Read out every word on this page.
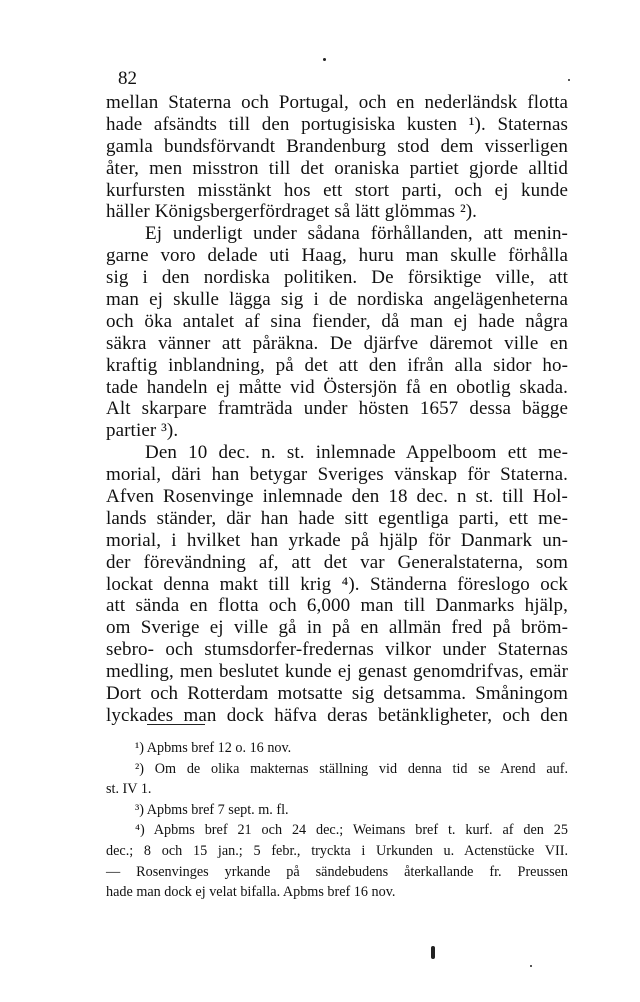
82
mellan Staterna och Portugal, och en nederländsk flotta
hade afsändts till den portugisiska kusten ¹). Staternas
gamla bundsförvandt Brandenburg stod dem visserligen
åter, men misstron till det oraniska partiet gjorde alltid
kurfursten misstänkt hos ett stort parti, och ej kunde
häller Königsbergerfördraget så lätt glömmas ²).
Ej underligt under sådana förhållanden, att menin-
garne voro delade uti Haag, huru man skulle förhålla
sig i den nordiska politiken. De försiktige ville, att
man ej skulle lägga sig i de nordiska angelägenheterna
och öka antalet af sina fiender, då man ej hade några
säkra vänner att påräkna. De djärfve däremot ville en
kraftig inblandning, på det att den ifrån alla sidor ho-
tade handeln ej måtte vid Östersjön få en obotlig skada.
Alt skarpare framträda under hösten 1657 dessa bägge
partier ³).
Den 10 dec. n. st. inlemnade Appelboom ett me-
morial, däri han betygar Sveriges vänskap för Staterna.
Afven Rosenvinge inlemnade den 18 dec. n st. till Hol-
lands ständer, där han hade sitt egentliga parti, ett me-
morial, i hvilket han yrkade på hjälp för Danmark un-
der förevändning af, att det var Generalstaterna, som
lockat denna makt till krig ⁴). Ständerna föreslogo ock
att sända en flotta och 6,000 man till Danmarks hjälp,
om Sverige ej ville gå in på en allmän fred på bröm-
sebro- och stumsdorfer-fredernas vilkor under Staternas
medling, men beslutet kunde ej genast genomdrifvas, emär
Dort och Rotterdam motsatte sig detsamma. Småningom
lyckades man dock häfva deras betänkligheter, och den
¹) Apbms bref 12 o. 16 nov.
²) Om de olika makternas ställning vid denna tid se Arend auf.
st. IV 1.
³) Apbms bref 7 sept. m. fl.
⁴) Apbms bref 21 och 24 dec.; Weimans bref t. kurf. af den 25
dec.; 8 och 15 jan.; 5 febr., tryckta i Urkunden u. Actenstücke VII.
— Rosenvinges yrkande på sändebudens återkallande fr. Preussen
hade man dock ej velat bifalla. Apbms bref 16 nov.
